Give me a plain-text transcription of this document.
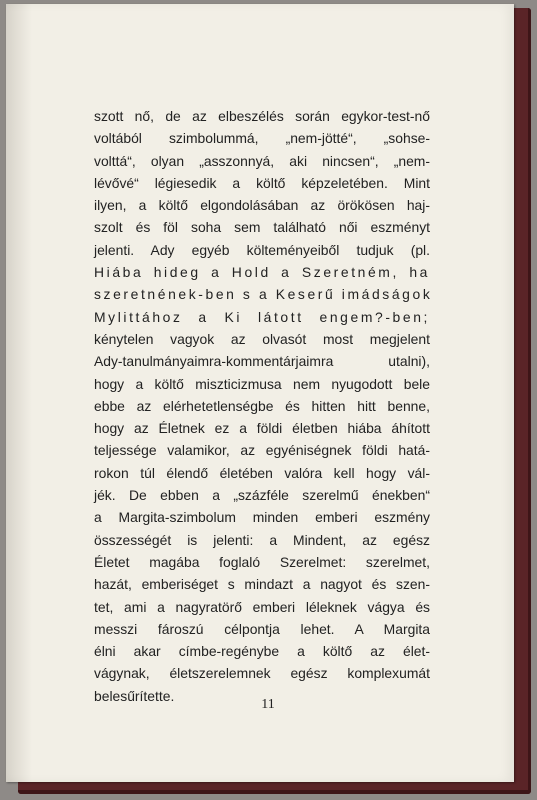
szott nő, de az elbeszélés során egykor-test-nő
voltából szimbolummá, „nem-jötté“, „sohse-
volttá“, olyan „asszonnyá, aki nincsen“, „nem-
lévővé“ légiesedik a költő képzeletében. Mint
ilyen, a költő elgondolásában az örökösen haj-
szolt és föl soha sem található női eszményt
jelenti. Ady egyéb költeményeiből tudjuk (pl.
Hiába hideg a Hold a Szeretném, ha
szeretnének-ben s a Keserű imádságok
Mylittához a Ki látott engem?-ben;
kénytelen vagyok az olvasót most megjelent
Ady-tanulmányaimra-kommentárjaimra utalni),
hogy a költő miszticizmusa nem nyugodott bele
ebbe az elérhetetlenségbe és hitten hitt benne,
hogy az Életnek ez a földi életben hiába áhított
teljessége valamikor, az egyéniségnek földi hatá-
rokon túl élendő életében valóra kell hogy vál-
jék. De ebben a „százféle szerelmű énekben“
a Margita-szimbolum minden emberi eszmény
összességét is jelenti: a Mindent, az egész
Életet magába foglaló Szerelmet: szerelmet,
hazát, emberiséget s mindazt a nagyot és szen-
tet, ami a nagyratörő emberi léleknek vágya és
messzi fároszú célpontja lehet. A Margita
élni akar címbe-regénybe a költő az élet-
vágynak, életszerelemnek egész komplexumát
belesűrítette.
11
